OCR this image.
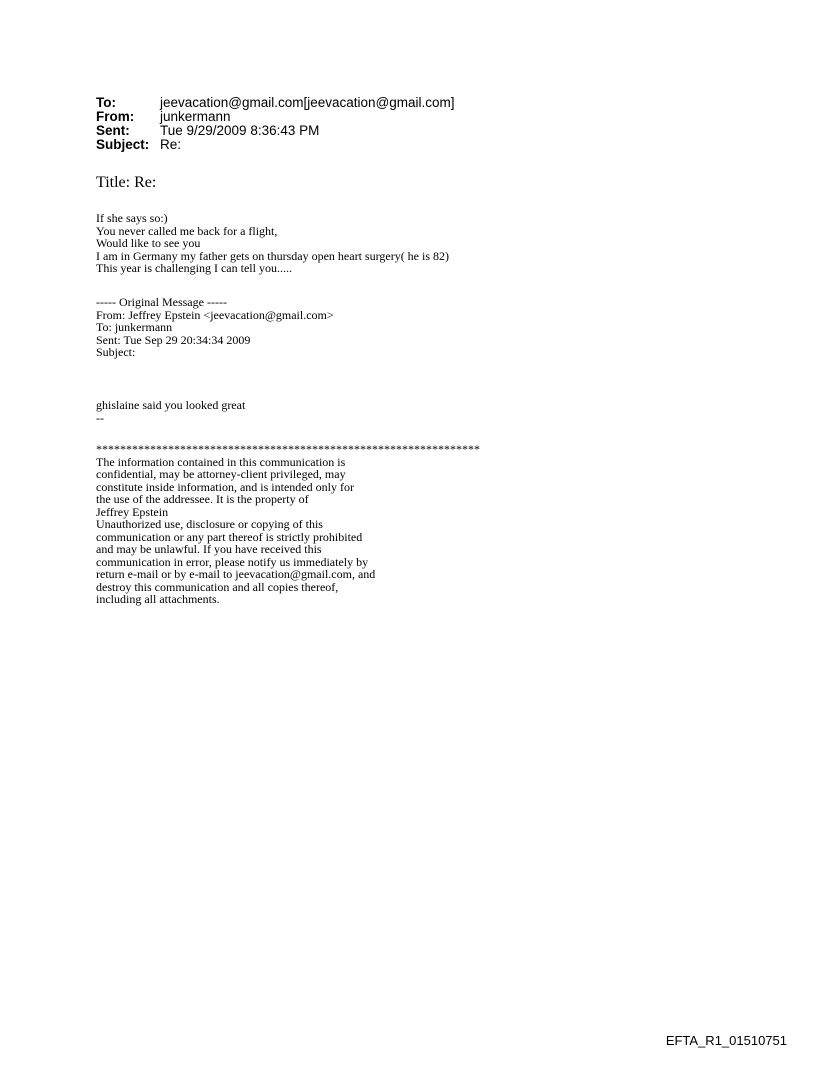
To:	jeevacation@gmail.com[jeevacation@gmail.com]
From:	junkermann
Sent:	Tue 9/29/2009 8:36:43 PM
Subject: Re:
Title: Re:
If she says so:)
You never called me back for a flight,
Would like to see you
I am in Germany my father gets on thursday open heart surgery( he is 82)
This year is challenging I can tell you.....
----- Original Message -----
From: Jeffrey Epstein <jeevacation@gmail.com>
To: junkermann
Sent: Tue Sep 29 20:34:34 2009
Subject:
ghislaine said you looked great
--
****************************************************************
The information contained in this communication is
confidential, may be attorney-client privileged, may
constitute inside information, and is intended only for
the use of the addressee. It is the property of
Jeffrey Epstein
Unauthorized use, disclosure or copying of this
communication or any part thereof is strictly prohibited
and may be unlawful. If you have received this
communication in error, please notify us immediately by
return e-mail or by e-mail to jeevacation@gmail.com, and
destroy this communication and all copies thereof,
including all attachments.
EFTA_R1_01510751
